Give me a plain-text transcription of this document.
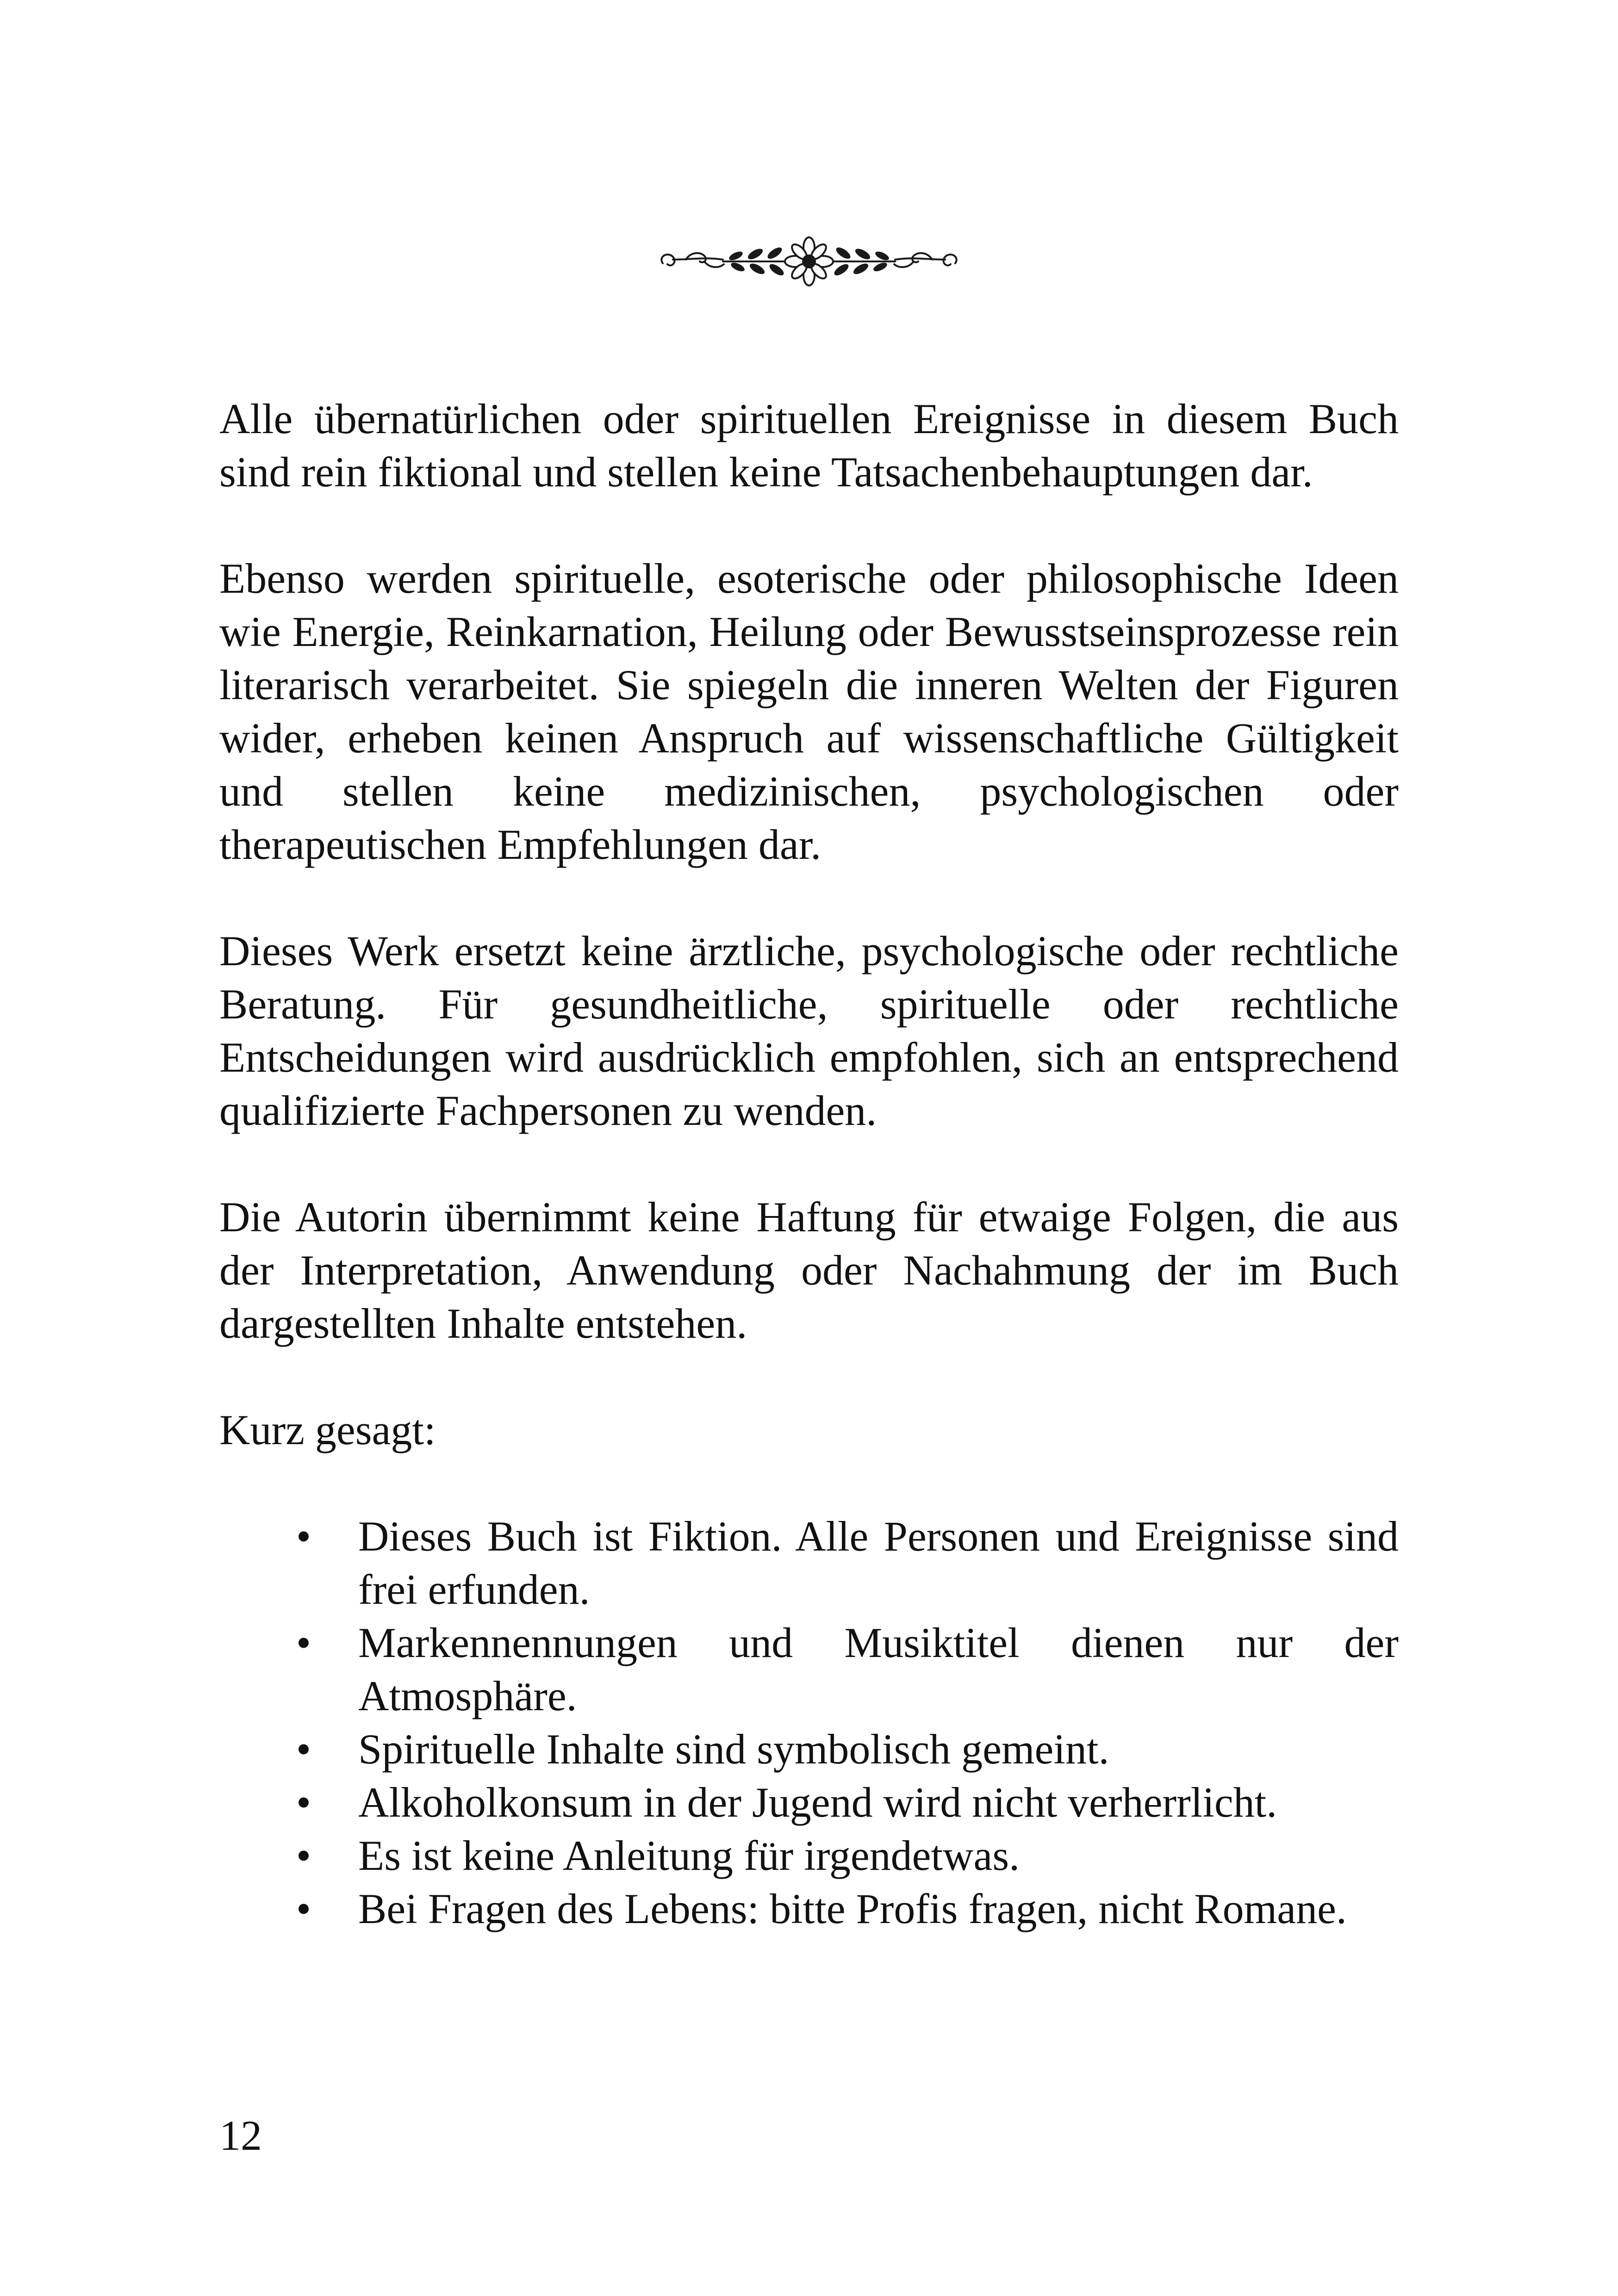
Alle übernatürlichen oder spirituellen Ereignisse in diesem Buch sind rein fiktional und stellen keine Tatsachenbehauptungen dar.

Ebenso werden spirituelle, esoterische oder philosophische Ideen wie Energie, Reinkarnation, Heilung oder Bewusstseinsprozesse rein literarisch verarbeitet. Sie spiegeln die inneren Welten der Figuren wider, erheben keinen Anspruch auf wissenschaftliche Gültigkeit und stellen keine medizinischen, psychologischen oder therapeutischen Empfehlungen dar.

Dieses Werk ersetzt keine ärztliche, psychologische oder rechtliche Beratung. Für gesundheitliche, spirituelle oder rechtliche Entscheidungen wird ausdrücklich empfohlen, sich an entsprechend qualifizierte Fachpersonen zu wenden.

Die Autorin übernimmt keine Haftung für etwaige Folgen, die aus der Interpretation, Anwendung oder Nachahmung der im Buch dargestellten Inhalte entstehen.

Kurz gesagt:

• Dieses Buch ist Fiktion. Alle Personen und Ereignisse sind frei erfunden.
• Markennennungen und Musiktitel dienen nur der Atmosphäre.
• Spirituelle Inhalte sind symbolisch gemeint.
• Alkoholkonsum in der Jugend wird nicht verherrlicht.
• Es ist keine Anleitung für irgendetwas.
• Bei Fragen des Lebens: bitte Profis fragen, nicht Romane.
12
